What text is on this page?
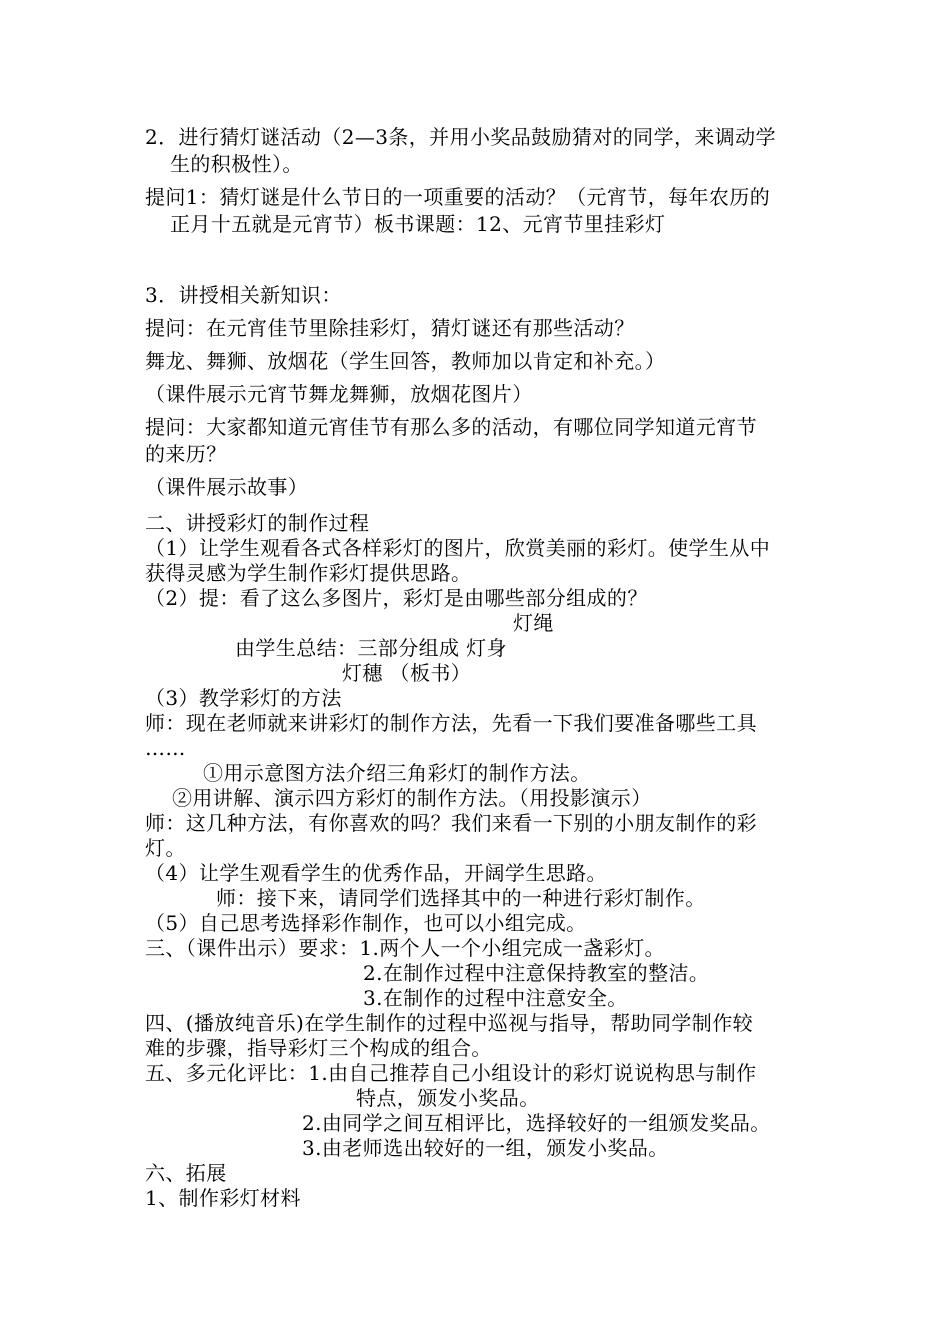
2．进行猜灯谜活动（2—3条，并用小奖品鼓励猜对的同学，来调动学
生的积极性）。
提问1：猜灯谜是什么节日的一项重要的活动？（元宵节，每年农历的
正月十五就是元宵节）板书课题：12、元宵节里挂彩灯
3．讲授相关新知识：
提问：在元宵佳节里除挂彩灯，猜灯谜还有那些活动？
舞龙、舞狮、放烟花（学生回答，教师加以肯定和补充。）
（课件展示元宵节舞龙舞狮，放烟花图片）
提问：大家都知道元宵佳节有那么多的活动，有哪位同学知道元宵节
的来历？
（课件展示故事）
二、讲授彩灯的制作过程
（1）让学生观看各式各样彩灯的图片，欣赏美丽的彩灯。使学生从中
获得灵感为学生制作彩灯提供思路。
（2）提：看了这么多图片，彩灯是由哪些部分组成的？
灯绳
由学生总结：三部分组成 灯身
灯穗 （板书）
（3）教学彩灯的方法
师：现在老师就来讲彩灯的制作方法，先看一下我们要准备哪些工具
……
①用示意图方法介绍三角彩灯的制作方法。
②用讲解、演示四方彩灯的制作方法。（用投影演示）
师：这几种方法，有你喜欢的吗？我们来看一下别的小朋友制作的彩
灯。
（4）让学生观看学生的优秀作品，开阔学生思路。
师：接下来，请同学们选择其中的一种进行彩灯制作。
（5）自己思考选择彩作制作，也可以小组完成。
三、（课件出示）要求：1.两个人一个小组完成一盏彩灯。
2.在制作过程中注意保持教室的整洁。
3.在制作的过程中注意安全。
四、(播放纯音乐)在学生制作的过程中巡视与指导，帮助同学制作较
难的步骤，指导彩灯三个构成的组合。
五、多元化评比：1.由自己推荐自己小组设计的彩灯说说构思与制作
特点，颁发小奖品。
2.由同学之间互相评比，选择较好的一组颁发奖品。
3.由老师选出较好的一组，颁发小奖品。
六、拓展
1、制作彩灯材料
